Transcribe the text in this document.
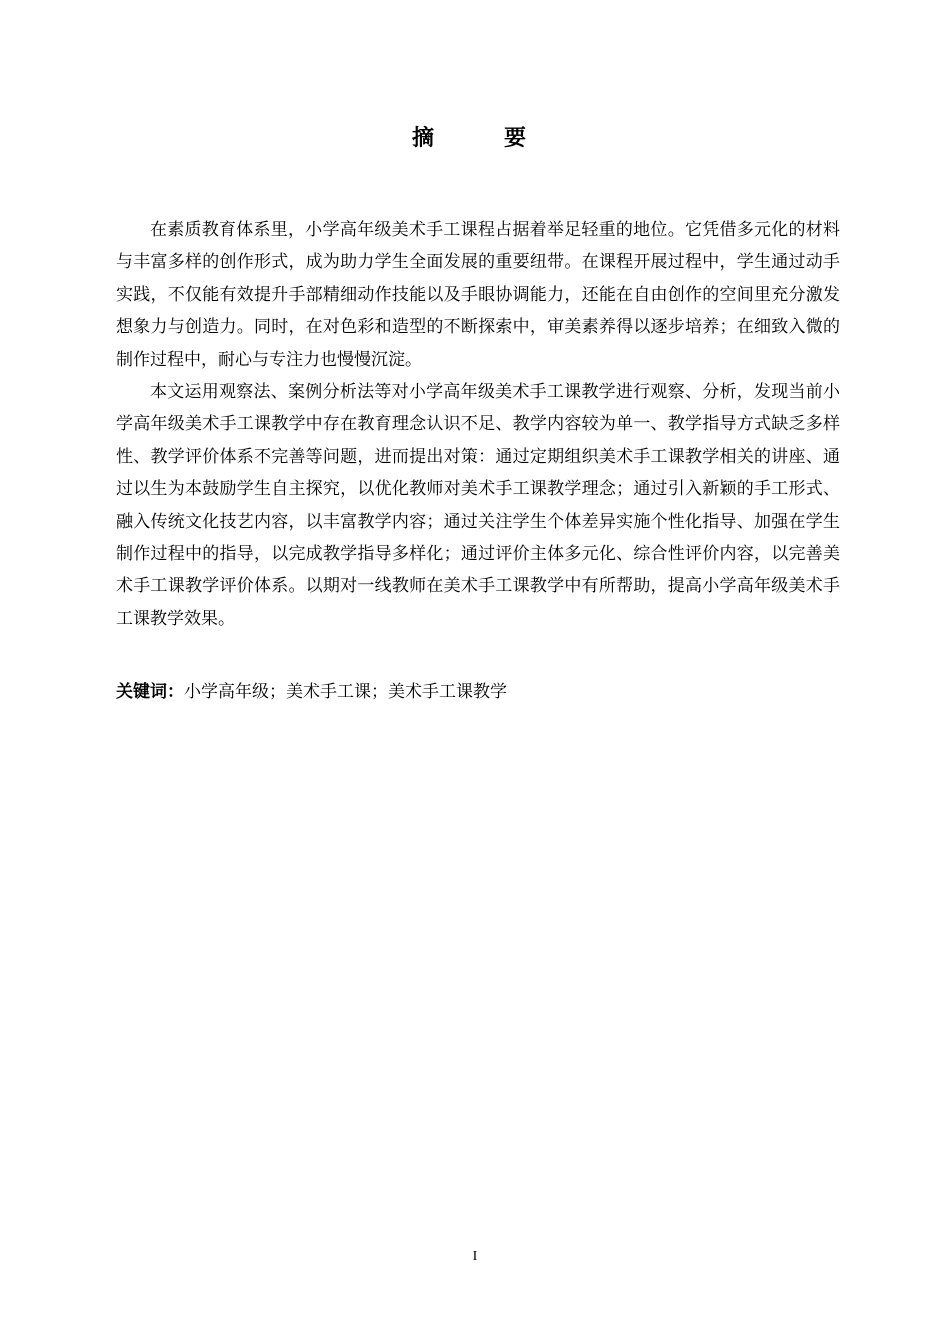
摘　要

在素质教育体系里，小学高年级美术手工课程占据着举足轻重的地位。它凭借多元化的材料与丰富多样的创作形式，成为助力学生全面发展的重要纽带。在课程开展过程中，学生通过动手实践，不仅能有效提升手部精细动作技能以及手眼协调能力，还能在自由创作的空间里充分激发想象力与创造力。同时，在对色彩和造型的不断探索中，审美素养得以逐步培养；在细致入微的制作过程中，耐心与专注力也慢慢沉淀。

本文运用观察法、案例分析法等对小学高年级美术手工课教学进行观察、分析，发现当前小学高年级美术手工课教学中存在教育理念认识不足、教学内容较为单一、教学指导方式缺乏多样性、教学评价体系不完善等问题，进而提出对策：通过定期组织美术手工课教学相关的讲座、通过以生为本鼓励学生自主探究，以优化教师对美术手工课教学理念；通过引入新颖的手工形式、融入传统文化技艺内容，以丰富教学内容；通过关注学生个体差异实施个性化指导、加强在学生制作过程中的指导，以完成教学指导多样化；通过评价主体多元化、综合性评价内容，以完善美术手工课教学评价体系。以期对一线教师在美术手工课教学中有所帮助，提高小学高年级美术手工课教学效果。

关键词：小学高年级；美术手工课；美术手工课教学
I
